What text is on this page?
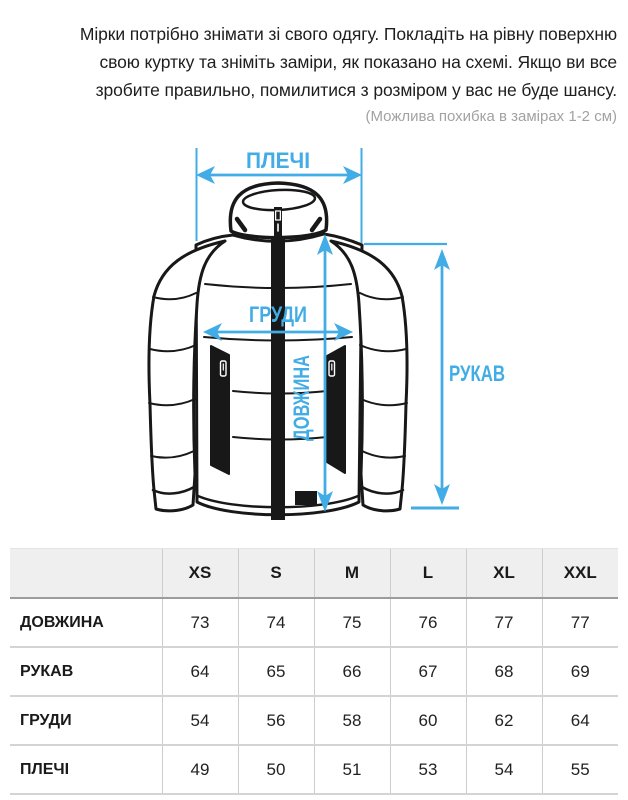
Мірки потрібно знімати зі свого одягу. Покладіть на рівну поверхню
свою куртку та зніміть заміри, як показано на схемі. Якщо ви все
зробите правильно, помилитися з розміром у вас не буде шансу.
(Можлива похибка в замірах 1-2 см)
ПЛЕЧІ
ГРУДИ
ДОВЖИНА	РУКАВ
	XS	S	M	L	XL	XXL
ДОВЖИНА	73	74	75	76	77	77
РУКАВ	64	65	66	67	68	69
ГРУДИ	54	56	58	60	62	64
ПЛЕЧІ	49	50	51	53	54	55
